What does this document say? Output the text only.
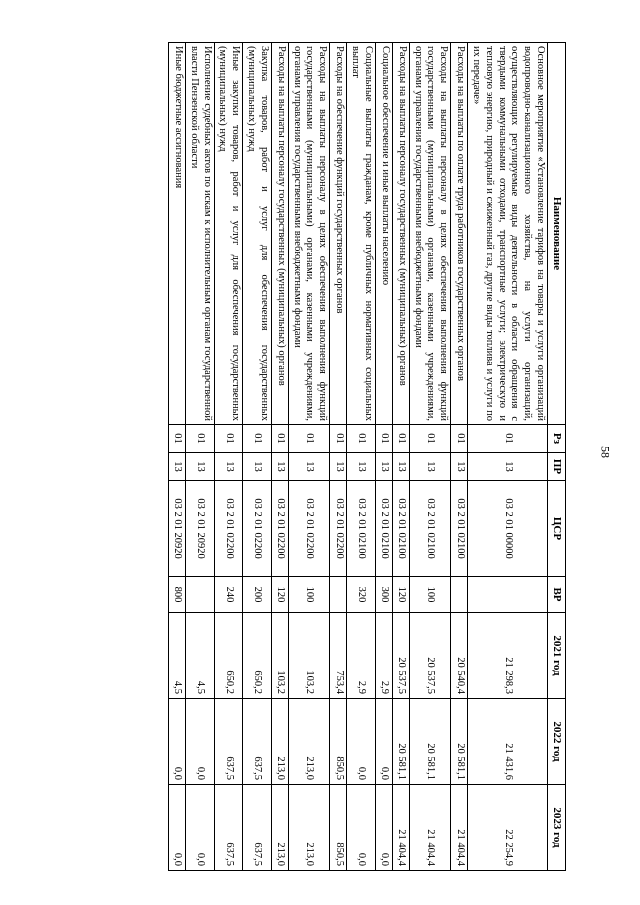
58
Наименование	Рз	ПР	ЦСР	ВР	2021 год	2022 год	2023 год
Основное мероприятие «Установление тарифов на товары и услуги организаций водопроводно-канализационного хозяйства, на услуги организаций, осуществляющих регулируемые виды деятельности в области обращения с твердыми коммунальными отходами, транспортные услуги; электрическую и тепловую энергию, природный и сжиженный газ, другие виды топлива и услуги по их передаче»	01	13	03 2 01 00000		21 298,3	21 431,6	22 254,9
Расходы на выплаты по оплате труда работников государственных органов	01	13	03 2 01 02100		20 540,4	20 581,1	21 404,4
Расходы на выплаты персоналу в целях обеспечения выполнения функций государственными (муниципальными) органами, казенными учреждениями, органами управления государственными внебюджетными фондами	01	13	03 2 01 02100	100	20 537,5	20 581,1	21 404,4
Расходы на выплаты персоналу государственных (муниципальных) органов	01	13	03 2 01 02100	120	20 537,5	20 581,1	21 404,4
Социальное обеспечение и иные выплаты населению	01	13	03 2 01 02100	300	2,9	0,0	0,0
Социальные выплаты гражданам, кроме публичных нормативных социальных выплат	01	13	03 2 01 02100	320	2,9	0,0	0,0
Расходы на обеспечение функций государственных органов	01	13	03 2 01 02200		753,4	850,5	850,5
Расходы на выплаты персоналу в целях обеспечения выполнения функций государственными (муниципальными) органами, казенными учреждениями, органами управления государственными внебюджетными фондами	01	13	03 2 01 02200	100	103,2	213,0	213,0
Расходы на выплаты персоналу государственных (муниципальных) органов	01	13	03 2 01 02200	120	103,2	213,0	213,0
Закупка товаров, работ и услуг для обеспечения государственных (муниципальных) нужд	01	13	03 2 01 02200	200	650,2	637,5	637,5
Иные закупки товаров, работ и услуг для обеспечения государственных (муниципальных) нужд	01	13	03 2 01 02200	240	650,2	637,5	637,5
Исполнение судебных актов по искам к исполнительным органам государственной власти Пензенской области	01	13	03 2 01 20920		4,5	0,0	0,0
Иные бюджетные ассигнования	01	13	03 2 01 20920	800	4,5	0,0	0,0
